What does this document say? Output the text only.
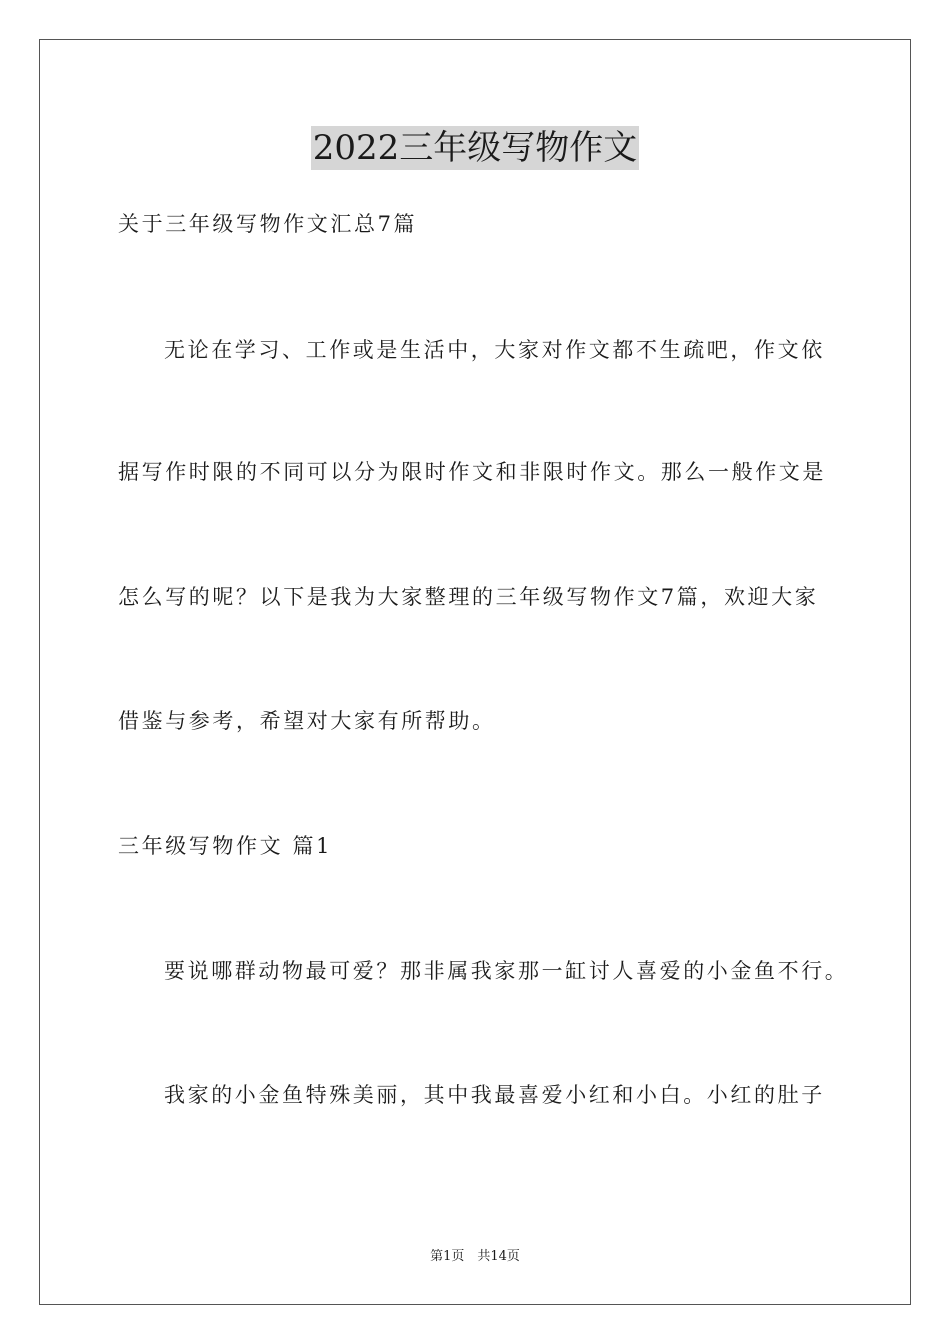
2022三年级写物作文
关于三年级写物作文汇总7篇
无论在学习、工作或是生活中，大家对作文都不生疏吧，作文依
据写作时限的不同可以分为限时作文和非限时作文。那么一般作文是
怎么写的呢？以下是我为大家整理的三年级写物作文7篇，欢迎大家
借鉴与参考，希望对大家有所帮助。
三年级写物作文 篇1
要说哪群动物最可爱？那非属我家那一缸讨人喜爱的小金鱼不行。
我家的小金鱼特殊美丽，其中我最喜爱小红和小白。小红的肚子
第1页　共14页
